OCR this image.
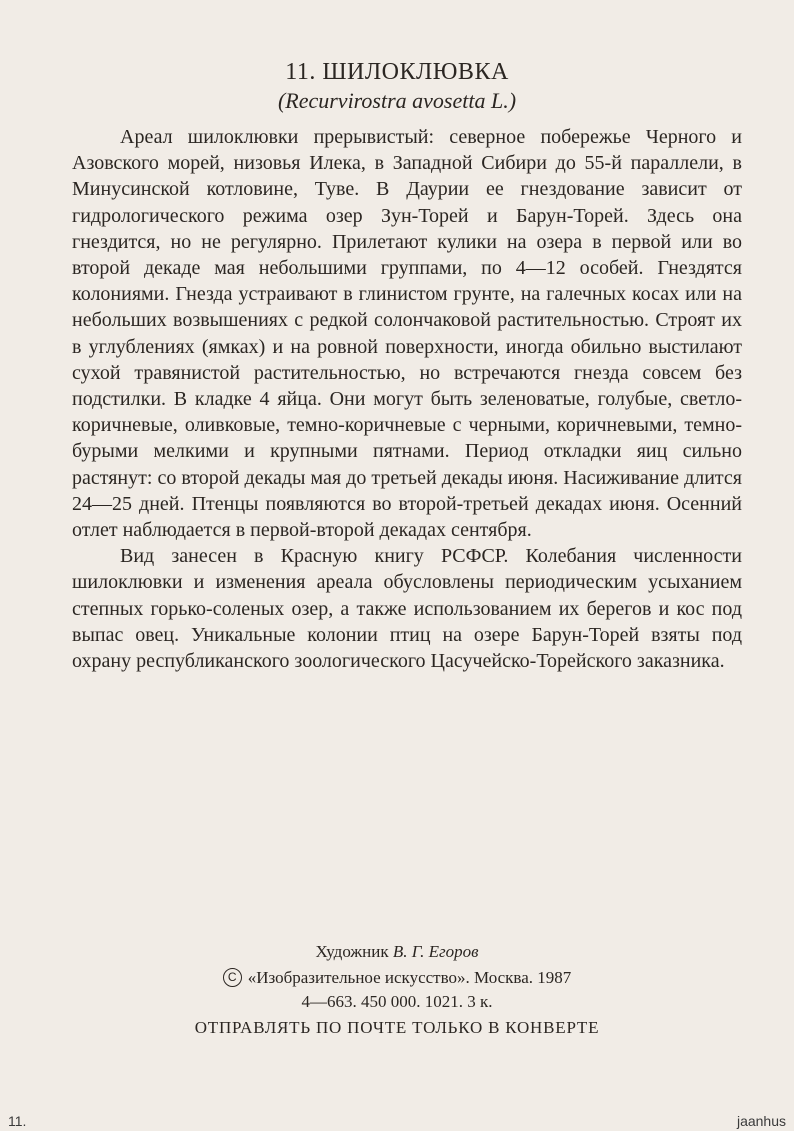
11. ШИЛОКЛЮВКА
(Recurvirostra avosetta L.)

Ареал шилоклювки прерывистый: северное побережье Черного и Азовского морей, низовья Илека, в Западной Сибири до 55-й параллели, в Минусинской котловине, Туве. В Даурии ее гнездование зависит от гидрологического режима озер Зун-Торей и Барун-Торей. Здесь она гнездится, но не регулярно. Прилетают кулики на озера в первой или во второй декаде мая небольшими группами, по 4—12 особей. Гнездятся колониями. Гнезда устраивают в глинистом грунте, на галечных косах или на небольших возвышениях с редкой солончаковой растительностью. Строят их в углублениях (ямках) и на ровной поверхности, иногда обильно выстилают сухой травянистой растительностью, но встречаются гнезда совсем без подстилки. В кладке 4 яйца. Они могут быть зеленоватые, голубые, светло-коричневые, оливковые, темно-коричневые с черными, коричневыми, темно-бурыми мелкими и крупными пятнами. Период откладки яиц сильно растянут: со второй декады мая до третьей декады июня. Насиживание длится 24—25 дней. Птенцы появляются во второй-третьей декадах июня. Осенний отлет наблюдается в первой-второй декадах сентября.

Вид занесен в Красную книгу РСФСР. Колебания численности шилоклювки и изменения ареала обусловлены периодическим усыханием степных горько-соленых озер, а также использованием их берегов и кос под выпас овец. Уникальные колонии птиц на озере Барун-Торей взяты под охрану республиканского зоологического Цасучейско-Торейского заказника.

Художник В. Г. Егоров
C «Изобразительное искусство». Москва. 1987
4—663. 450 000. 1021. 3 к.
ОТПРАВЛЯТЬ ПО ПОЧТЕ ТОЛЬКО В КОНВЕРТЕ
11.	jaanhus
